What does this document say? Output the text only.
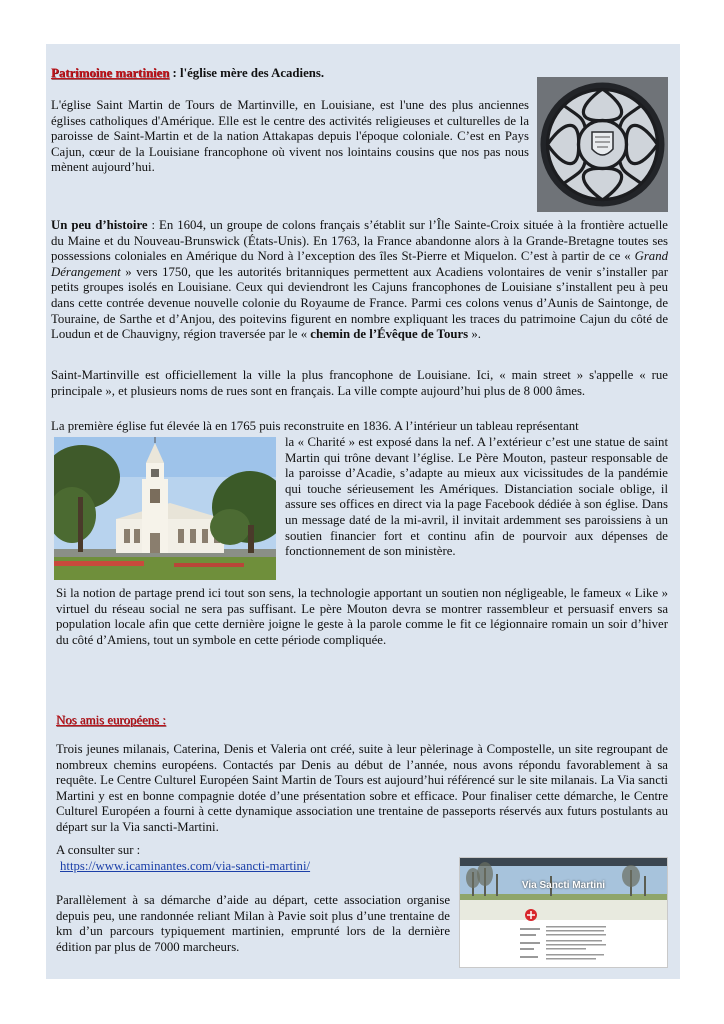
Patrimoine martinien : l'église mère des Acadiens.

L'église Saint Martin de Tours de Martinville, en Louisiane, est l'une des plus anciennes églises catholiques d'Amérique. Elle est le centre des activités religieuses et culturelles de la paroisse de Saint-Martin et de la nation Attakapas depuis l'époque coloniale. C’est en Pays Cajun, cœur de la Louisiane francophone où vivent nos lointains cousins que nos pas nous mènent aujourd’hui.

Un peu d’histoire : En 1604, un groupe de colons français s’établit sur l’Île Sainte-Croix située à la frontière actuelle du Maine et du Nouveau-Brunswick (États-Unis). En 1763, la France abandonne alors à la Grande-Bretagne toutes ses possessions coloniales en Amérique du Nord à l’exception des îles St-Pierre et Miquelon. C’est à partir de ce « Grand Dérangement » vers 1750, que les autorités britanniques permettent aux Acadiens volontaires de venir s’installer par petits groupes isolés en Louisiane. Ceux qui deviendront les Cajuns francophones de Louisiane s’installent peu à peu dans cette contrée devenue nouvelle colonie du Royaume de France. Parmi ces colons venus d’Aunis de Saintonge, de Touraine, de Sarthe et d’Anjou, des poitevins figurent en nombre expliquant les traces du patrimoine Cajun du côté de Loudun et de Chauvigny, région traversée par le « chemin de l’Évêque de Tours ».

Saint-Martinville est officiellement la ville la plus francophone de Louisiane. Ici, « main street » s'appelle « rue principale », et plusieurs noms de rues sont en français. La ville compte aujourd’hui plus de 8 000 âmes.

La première église fut élevée là en 1765 puis reconstruite en 1836. A l’intérieur un tableau représentant

la « Charité » est exposé dans la nef. A l’extérieur c’est une statue de saint Martin qui trône devant l’église. Le Père Mouton, pasteur responsable de la paroisse d’Acadie, s’adapte au mieux aux vicissitudes de la pandémie qui touche sérieusement les Amériques. Distanciation sociale oblige, il assure ses offices en direct via la page Facebook dédiée à son église. Dans un message daté de la mi-avril, il invitait ardemment ses paroissiens à un soutien financier fort et continu afin de pourvoir aux dépenses de fonctionnement de son ministère.

Si la notion de partage prend ici tout son sens, la technologie apportant un soutien non négligeable, le fameux « Like » virtuel du réseau social ne sera pas suffisant. Le père Mouton devra se montrer rassembleur et persuasif envers sa population locale afin que cette dernière joigne le geste à la parole comme le fit ce légionnaire romain un soir d’hiver du côté d’Amiens, tout un symbole en cette période compliquée.

Nos amis européens :

Trois jeunes milanais, Caterina, Denis et Valeria ont créé, suite à leur pèlerinage à Compostelle, un site regroupant de nombreux chemins européens. Contactés par Denis au début de l’année, nous avons répondu favorablement à sa requête. Le Centre Culturel Européen Saint Martin de Tours est aujourd’hui référencé sur le site milanais. La Via sancti Martini y est en bonne compagnie dotée d’une présentation sobre et efficace. Pour finaliser cette démarche, le Centre Culturel Européen a fourni à cette dynamique association une trentaine de passeports réservés aux futurs postulants au départ sur la Via sancti-Martini.

A consulter sur :

https://www.icaminantes.com/via-sancti-martini/

Parallèlement à sa démarche d’aide au départ, cette association organise depuis peu, une randonnée reliant Milan à Pavie soit plus d’une trentaine de km d’un parcours typiquement martinien, emprunté lors de la dernière édition par plus de 7000 marcheurs.

Via Sancti Martini
